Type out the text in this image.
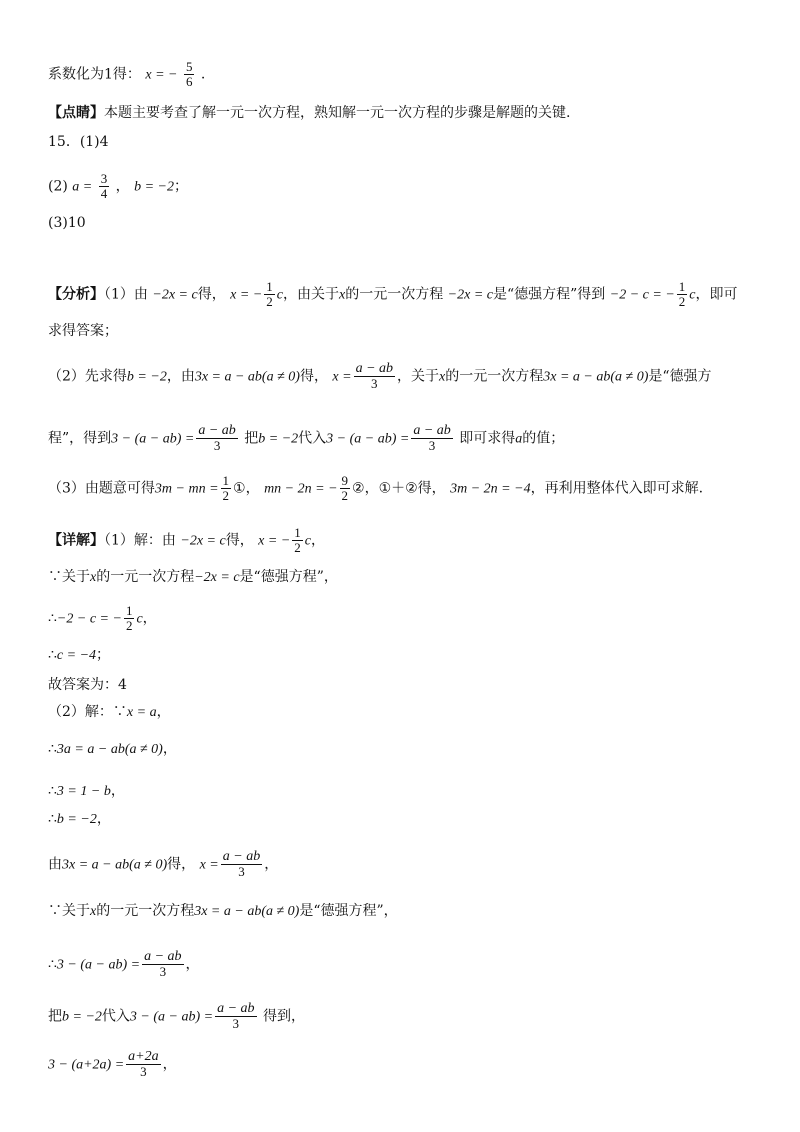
系数化为1得： x = − $\frac{5}{6}$ .
【点睛】本题主要考查了解一元一次方程，熟知解一元一次方程的步骤是解题的关键.
15．(1)4
(2) $a = \frac{3}{4}$ ， b = −2；
(3)10
【分析】（1）由 −2x = c得， x = − $\frac{1}{2}$ c，由关于x的一元一次方程 −2x = c是“德强方程”得到 −2 − c = − $\frac{1}{2}$ c，即可
求得答案；
（2）先求得b = −2，由3x = a − ab(a ≠ 0)得， $x = \frac{a - ab}{3}$ ，关于x的一元一次方程3x = a − ab(a ≠ 0)是“德强方
程”，得到$3 - (a - ab) = \frac{a - ab}{3}$ 把b = −2代入$3 - (a - ab) = \frac{a - ab}{3}$ 即可求得a的值；
（3）由题意可得3m − mn = $\frac{1}{2}$ ①， mn − 2n = − $\frac{9}{2}$ ②，①＋②得， 3m − 2n = −4，再利用整体代入即可求解.
【详解】（1）解：由 −2x = c得， x = − $\frac{1}{2}$ c，
∵关于x的一元一次方程−2x = c是“德强方程”，
∴−2 − c = − $\frac{1}{2}$ c，
∴c = −4；
故答案为：4
（2）解：∵x = a，
∴3a = a − ab(a ≠ 0)，
∴3 = 1 − b，
∴b = −2，
由3x = a − ab(a ≠ 0)得， $x = \frac{a - ab}{3}$ ，
∵关于x的一元一次方程3x = a − ab(a ≠ 0)是“德强方程”，
∴3 − $(a - ab) = \frac{a - ab}{3}$ ，
把b = −2代入$3 - (a - ab) = \frac{a - ab}{3}$ 得到，
$3 - (a+2a) = \frac{a+2a}{3}$ ，
